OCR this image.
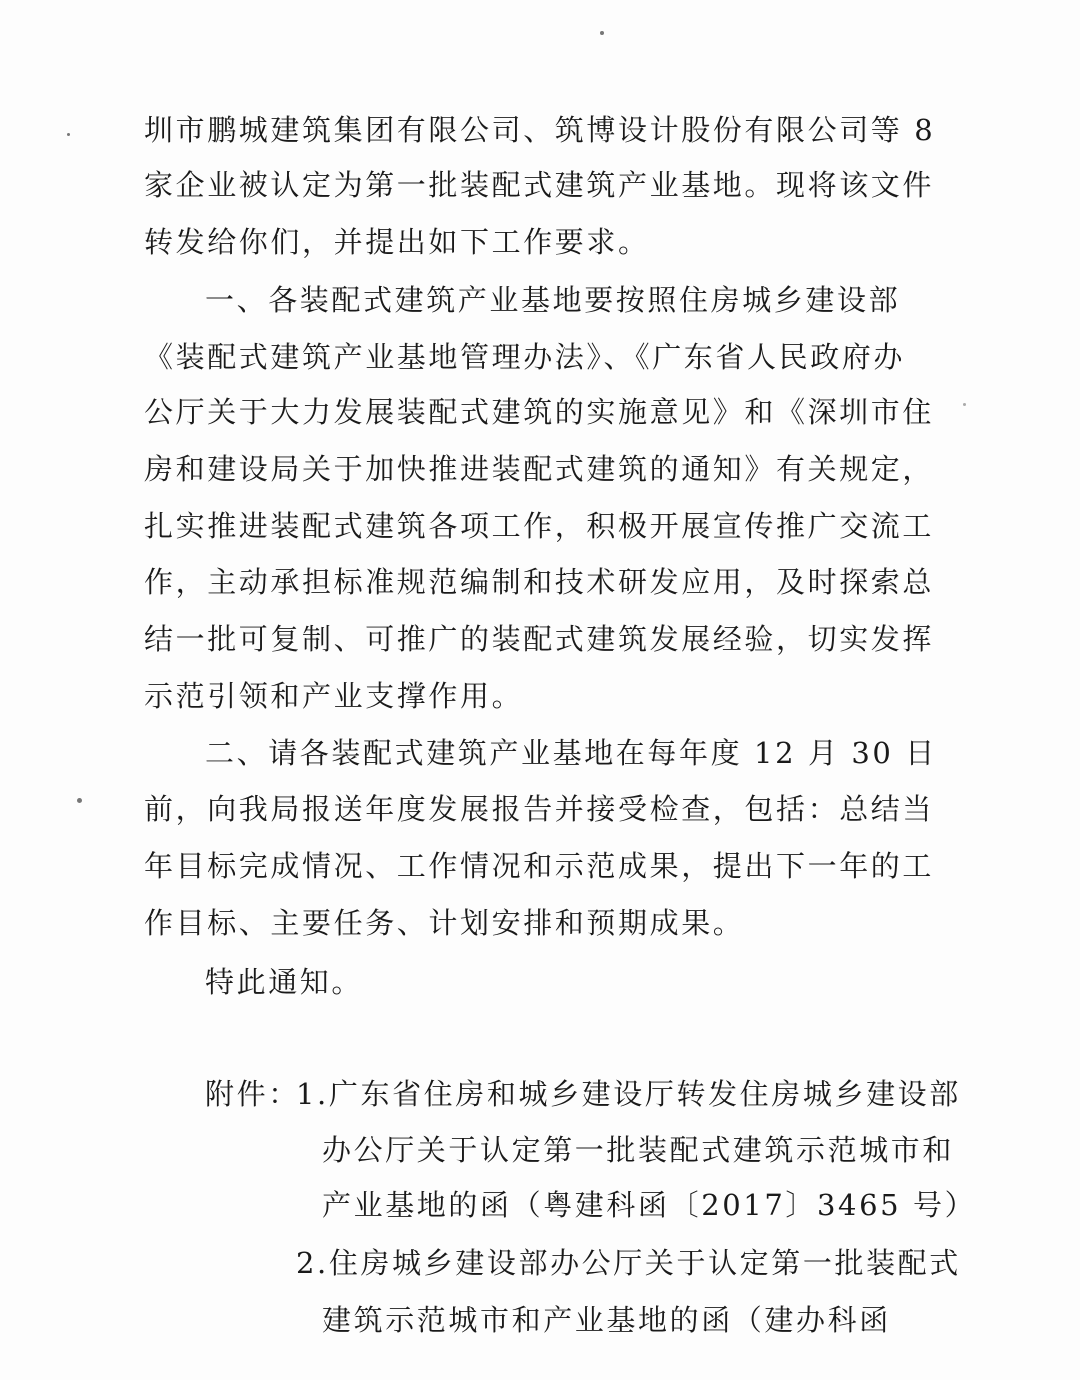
圳市鹏城建筑集团有限公司、筑博设计股份有限公司等 8
家企业被认定为第一批装配式建筑产业基地。现将该文件
转发给你们，并提出如下工作要求。
一、各装配式建筑产业基地要按照住房城乡建设部
《装配式建筑产业基地管理办法》、《广东省人民政府办
公厅关于大力发展装配式建筑的实施意见》和《深圳市住
房和建设局关于加快推进装配式建筑的通知》有关规定，
扎实推进装配式建筑各项工作，积极开展宣传推广交流工
作，主动承担标准规范编制和技术研发应用，及时探索总
结一批可复制、可推广的装配式建筑发展经验，切实发挥
示范引领和产业支撑作用。
二、请各装配式建筑产业基地在每年度 12 月 30 日
前，向我局报送年度发展报告并接受检查，包括：总结当
年目标完成情况、工作情况和示范成果，提出下一年的工
作目标、主要任务、计划安排和预期成果。
特此通知。
附件：
1.广东省住房和城乡建设厅转发住房城乡建设部
办公厅关于认定第一批装配式建筑示范城市和
产业基地的函（粤建科函〔2017〕3465 号）
2.住房城乡建设部办公厅关于认定第一批装配式
建筑示范城市和产业基地的函（建办科函
